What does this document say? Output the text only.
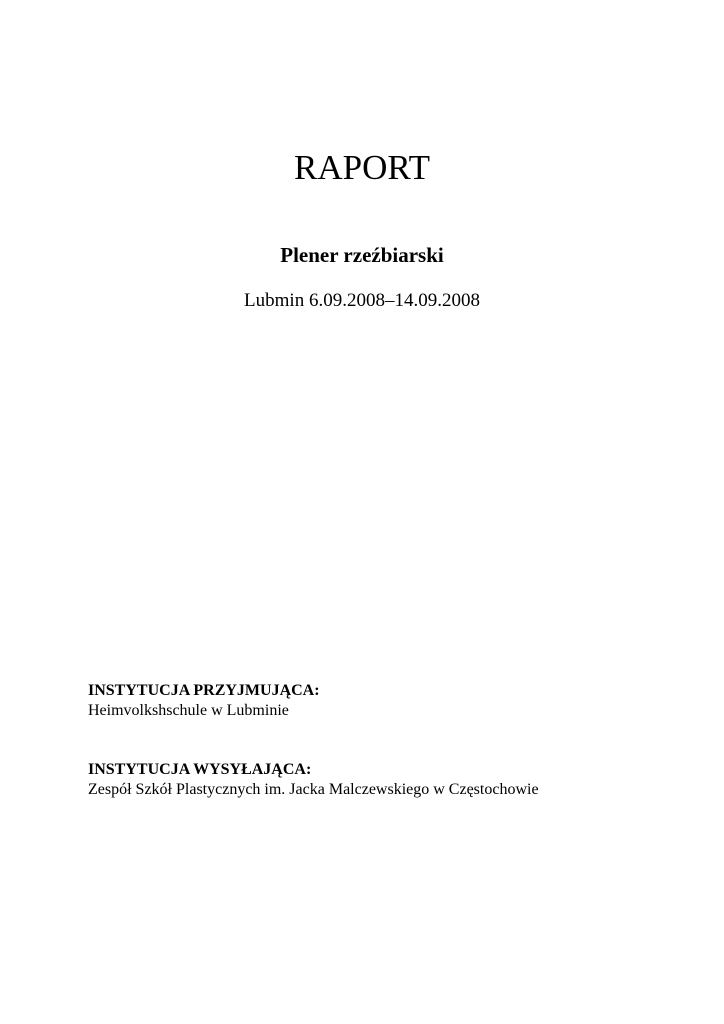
RAPORT
Plener rzeźbiarski

Lubmin 6.09.2008–14.09.2008

INSTYTUCJA PRZYJMUJĄCA:

Heimvolkshschule w Lubminie

INSTYTUCJA WYSYŁAJĄCA:

Zespół Szkół Plastycznych im. Jacka Malczewskiego w Częstochowie
